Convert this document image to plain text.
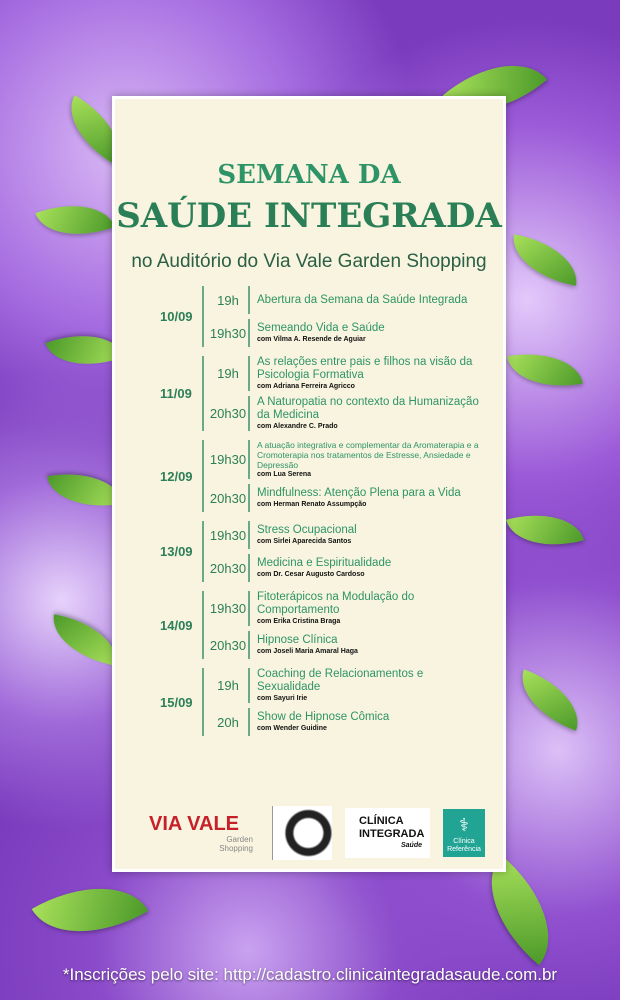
SEMANA DA
SAÚDE INTEGRADA
no Auditório do Via Vale Garden Shopping
10/09
19h	Abertura da Semana da Saúde Integrada
19h30 Semeando Vida e Saúde
com Vilma A. Resende de Aguiar
11/09
19h
As relações entre pais e filhos na visão da Psicologia Formativa
com Adriana Ferreira Agricco
20h30
A Naturopatia no contexto da Humanização da Medicina
com Alexandre C. Prado
12/09
19h30
A atuação integrativa e complementar da Aromaterapia e a Cromoterapia nos tratamentos de Estresse, Ansiedade e Depressão
com Lua Serena
20h30 Mindfulness: Atenção Plena para a Vida
com Herman Renato Assumpção
13/09
19h30 Stress Ocupacional
com Sirlei Aparecida Santos
20h30 Medicina e Espiritualidade
com Dr. Cesar Augusto Cardoso
14/09
19h30
Fitoterápicos na Modulação do Comportamento
com Erika Cristina Braga
20h30 Hipnose Clínica
com Joseli Maria Amaral Haga
15/09
19h
Coaching de Relacionamentos e Sexualidade
com Sayuri Irie
20h	Show de Hipnose Cômica
com Wender Guidine
VIA VALE
Garden
Shopping
CLÍNICA
INTEGRADA
Saúde
⚕
Clínica
Referência
*Inscrições pelo site: http://cadastro.clinicaintegradasaude.com.br
